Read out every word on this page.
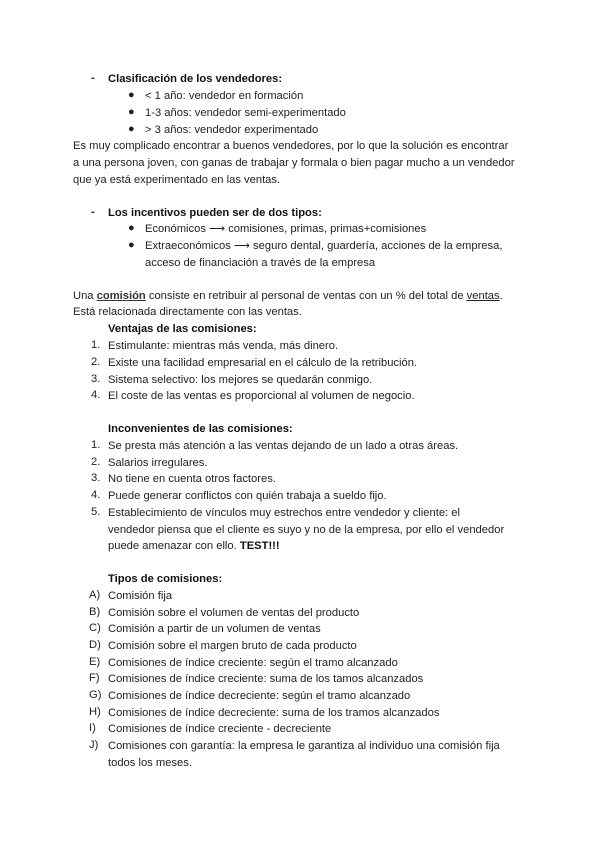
- Clasificación de los vendedores:
● < 1 año: vendedor en formación
● 1-3 años: vendedor semi-experimentado
● > 3 años: vendedor experimentado
Es muy complicado encontrar a buenos vendedores, por lo que la solución es encontrar
a una persona joven, con ganas de trabajar y formala o bien pagar mucho a un vendedor
que ya está experimentado en las ventas.
- Los incentivos pueden ser de dos tipos:
● Económicos ⟶ comisiones, primas, primas+comisiones
● Extraeconómicos ⟶ seguro dental, guardería, acciones de la empresa,
acceso de financiación a través de la empresa
Una comisión consiste en retribuir al personal de ventas con un % del total de ventas.
Está relacionada directamente con las ventas.
Ventajas de las comisiones:
1. Estimulante: mientras más venda, más dinero.
2. Existe una facilidad empresarial en el cálculo de la retribución.
3. Sistema selectivo: los mejores se quedarán conmigo.
4. El coste de las ventas es proporcional al volumen de negocio.
Inconvenientes de las comisiones:
1. Se presta más atención a las ventas dejando de un lado a otras áreas.
2. Salarios irregulares.
3. No tiene en cuenta otros factores.
4. Puede generar conflictos con quién trabaja a sueldo fijo.
5. Establecimiento de vínculos muy estrechos entre vendedor y cliente: el
vendedor piensa que el cliente es suyo y no de la empresa, por ello el vendedor
puede amenazar con ello. TEST!!!
Tipos de comisiones:
A) Comisión fija
B) Comisión sobre el volumen de ventas del producto
C) Comisión a partir de un volumen de ventas
D) Comisión sobre el margen bruto de cada producto
E) Comisiones de índice creciente: según el tramo alcanzado
F) Comisiones de índice creciente: suma de los tamos alcanzados
G) Comisiones de índice decreciente: según el tramo alcanzado
H) Comisiones de índice decreciente: suma de los tramos alcanzados
I) Comisiones de índice creciente - decreciente
J) Comisiones con garantía: la empresa le garantiza al individuo una comisión fija
todos los meses.
